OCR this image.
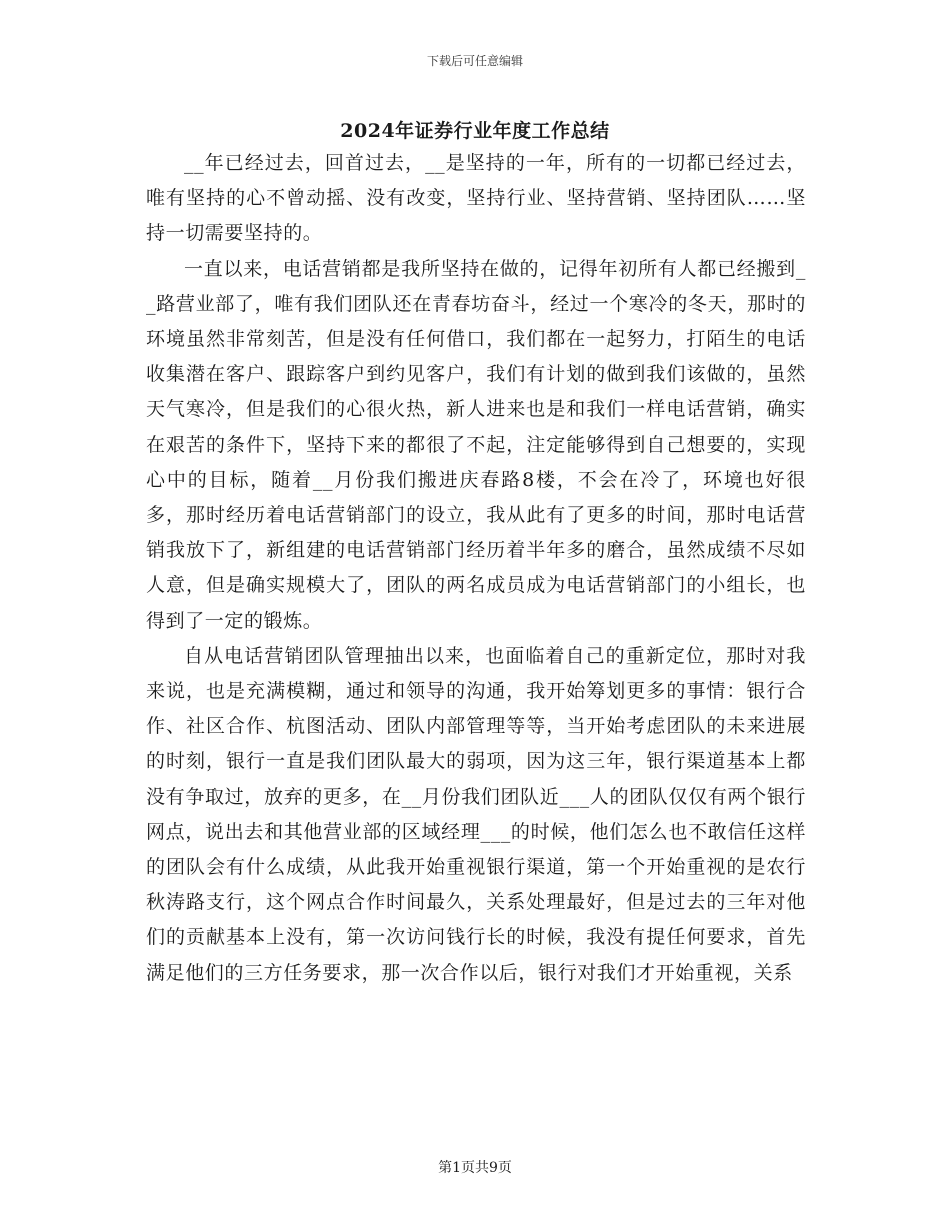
下载后可任意编辑
2024年证券行业年度工作总结

__年已经过去，回首过去，__是坚持的一年，所有的一切都已经过去，唯有坚持的心不曾动摇、没有改变，坚持行业、坚持营销、坚持团队……坚持一切需要坚持的。

一直以来，电话营销都是我所坚持在做的，记得年初所有人都已经搬到__路营业部了，唯有我们团队还在青春坊奋斗，经过一个寒冷的冬天，那时的环境虽然非常刻苦，但是没有任何借口，我们都在一起努力，打陌生的电话收集潜在客户、跟踪客户到约见客户，我们有计划的做到我们该做的，虽然天气寒冷，但是我们的心很火热，新人进来也是和我们一样电话营销，确实在艰苦的条件下，坚持下来的都很了不起，注定能够得到自己想要的，实现心中的目标，随着__月份我们搬进庆春路8楼，不会在冷了，环境也好很多，那时经历着电话营销部门的设立，我从此有了更多的时间，那时电话营销我放下了，新组建的电话营销部门经历着半年多的磨合，虽然成绩不尽如人意，但是确实规模大了，团队的两名成员成为电话营销部门的小组长，也得到了一定的锻炼。

自从电话营销团队管理抽出以来，也面临着自己的重新定位，那时对我来说，也是充满模糊，通过和领导的沟通，我开始筹划更多的事情：银行合作、社区合作、杭图活动、团队内部管理等等，当开始考虑团队的未来进展的时刻，银行一直是我们团队最大的弱项，因为这三年，银行渠道基本上都没有争取过，放弃的更多，在__月份我们团队近___人的团队仅仅有两个银行网点，说出去和其他营业部的区域经理___的时候，他们怎么也不敢信任这样的团队会有什么成绩，从此我开始重视银行渠道，第一个开始重视的是农行秋涛路支行，这个网点合作时间最久，关系处理最好，但是过去的三年对他们的贡献基本上没有，第一次访问钱行长的时候，我没有提任何要求，首先满足他们的三方任务要求，那一次合作以后，银行对我们才开始重视，关系

第1页共9页
